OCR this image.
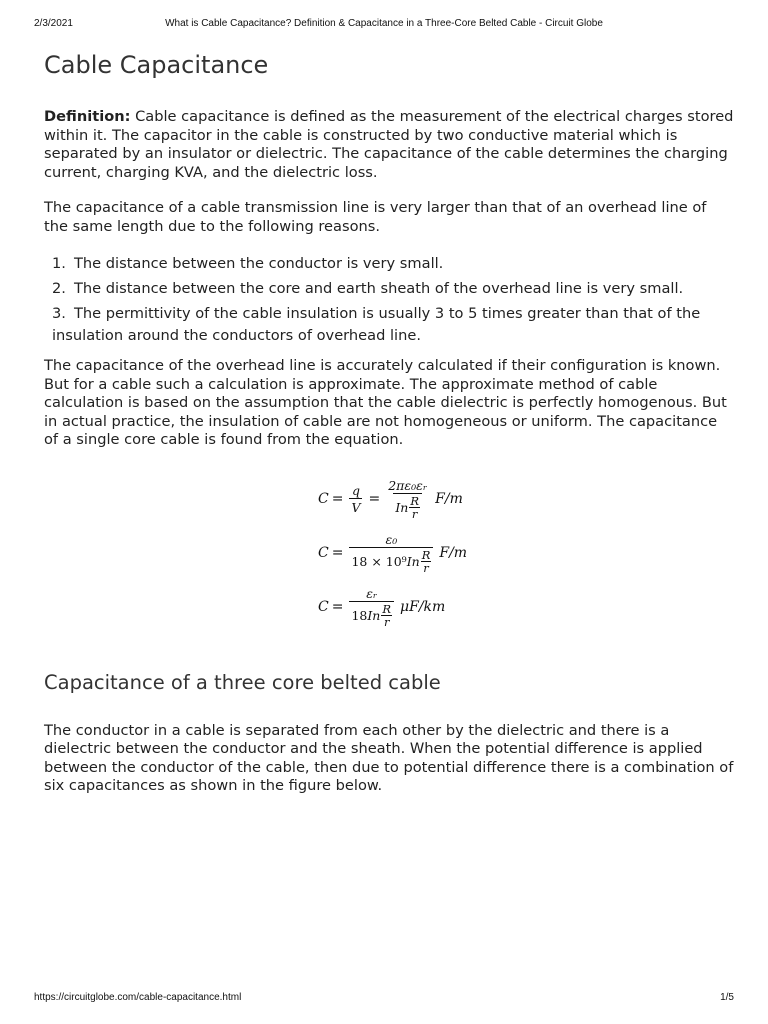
2/3/2021	What is Cable Capacitance? Definition & Capacitance in a Three-Core Belted Cable - Circuit Globe
Cable Capacitance

Definition: Cable capacitance is defined as the measurement of the electrical charges stored within it. The capacitor in the cable is constructed by two conductive material which is separated by an insulator or dielectric. The capacitance of the cable determines the charging current, charging KVA, and the dielectric loss.

The capacitance of a cable transmission line is very larger than that of an overhead line of the same length due to the following reasons.

1. The distance between the conductor is very small.
2. The distance between the core and earth sheath of the overhead line is very small.
3. The permittivity of the cable insulation is usually 3 to 5 times greater than that of the insulation around the conductors of overhead line.

The capacitance of the overhead line is accurately calculated if their configuration is known. But for a cable such a calculation is approximate. The approximate method of cable calculation is based on the assumption that the cable dielectric is perfectly homogenous. But in actual practice, the insulation of cable are not homogeneous or uniform. The capacitance of a single core cable is found from the equation.

$C = \frac{q}{V} = \frac{\text{2πε₀εᵣ}}{In \frac{R}{r}} F/m$
$C = \frac{\text{ε₀}}{18 \times 10^9 In \frac{R}{r}} F/m$
$C = \frac{\text{εᵣ}}{18 In \frac{R}{r}} \mu F/km$
Capacitance of a three core belted cable

The conductor in a cable is separated from each other by the dielectric and there is a dielectric between the conductor and the sheath. When the potential difference is applied between the conductor of the cable, then due to potential difference there is a combination of six capacitances as shown in the figure below.

https://circuitglobe.com/cable-capacitance.html	1/5
